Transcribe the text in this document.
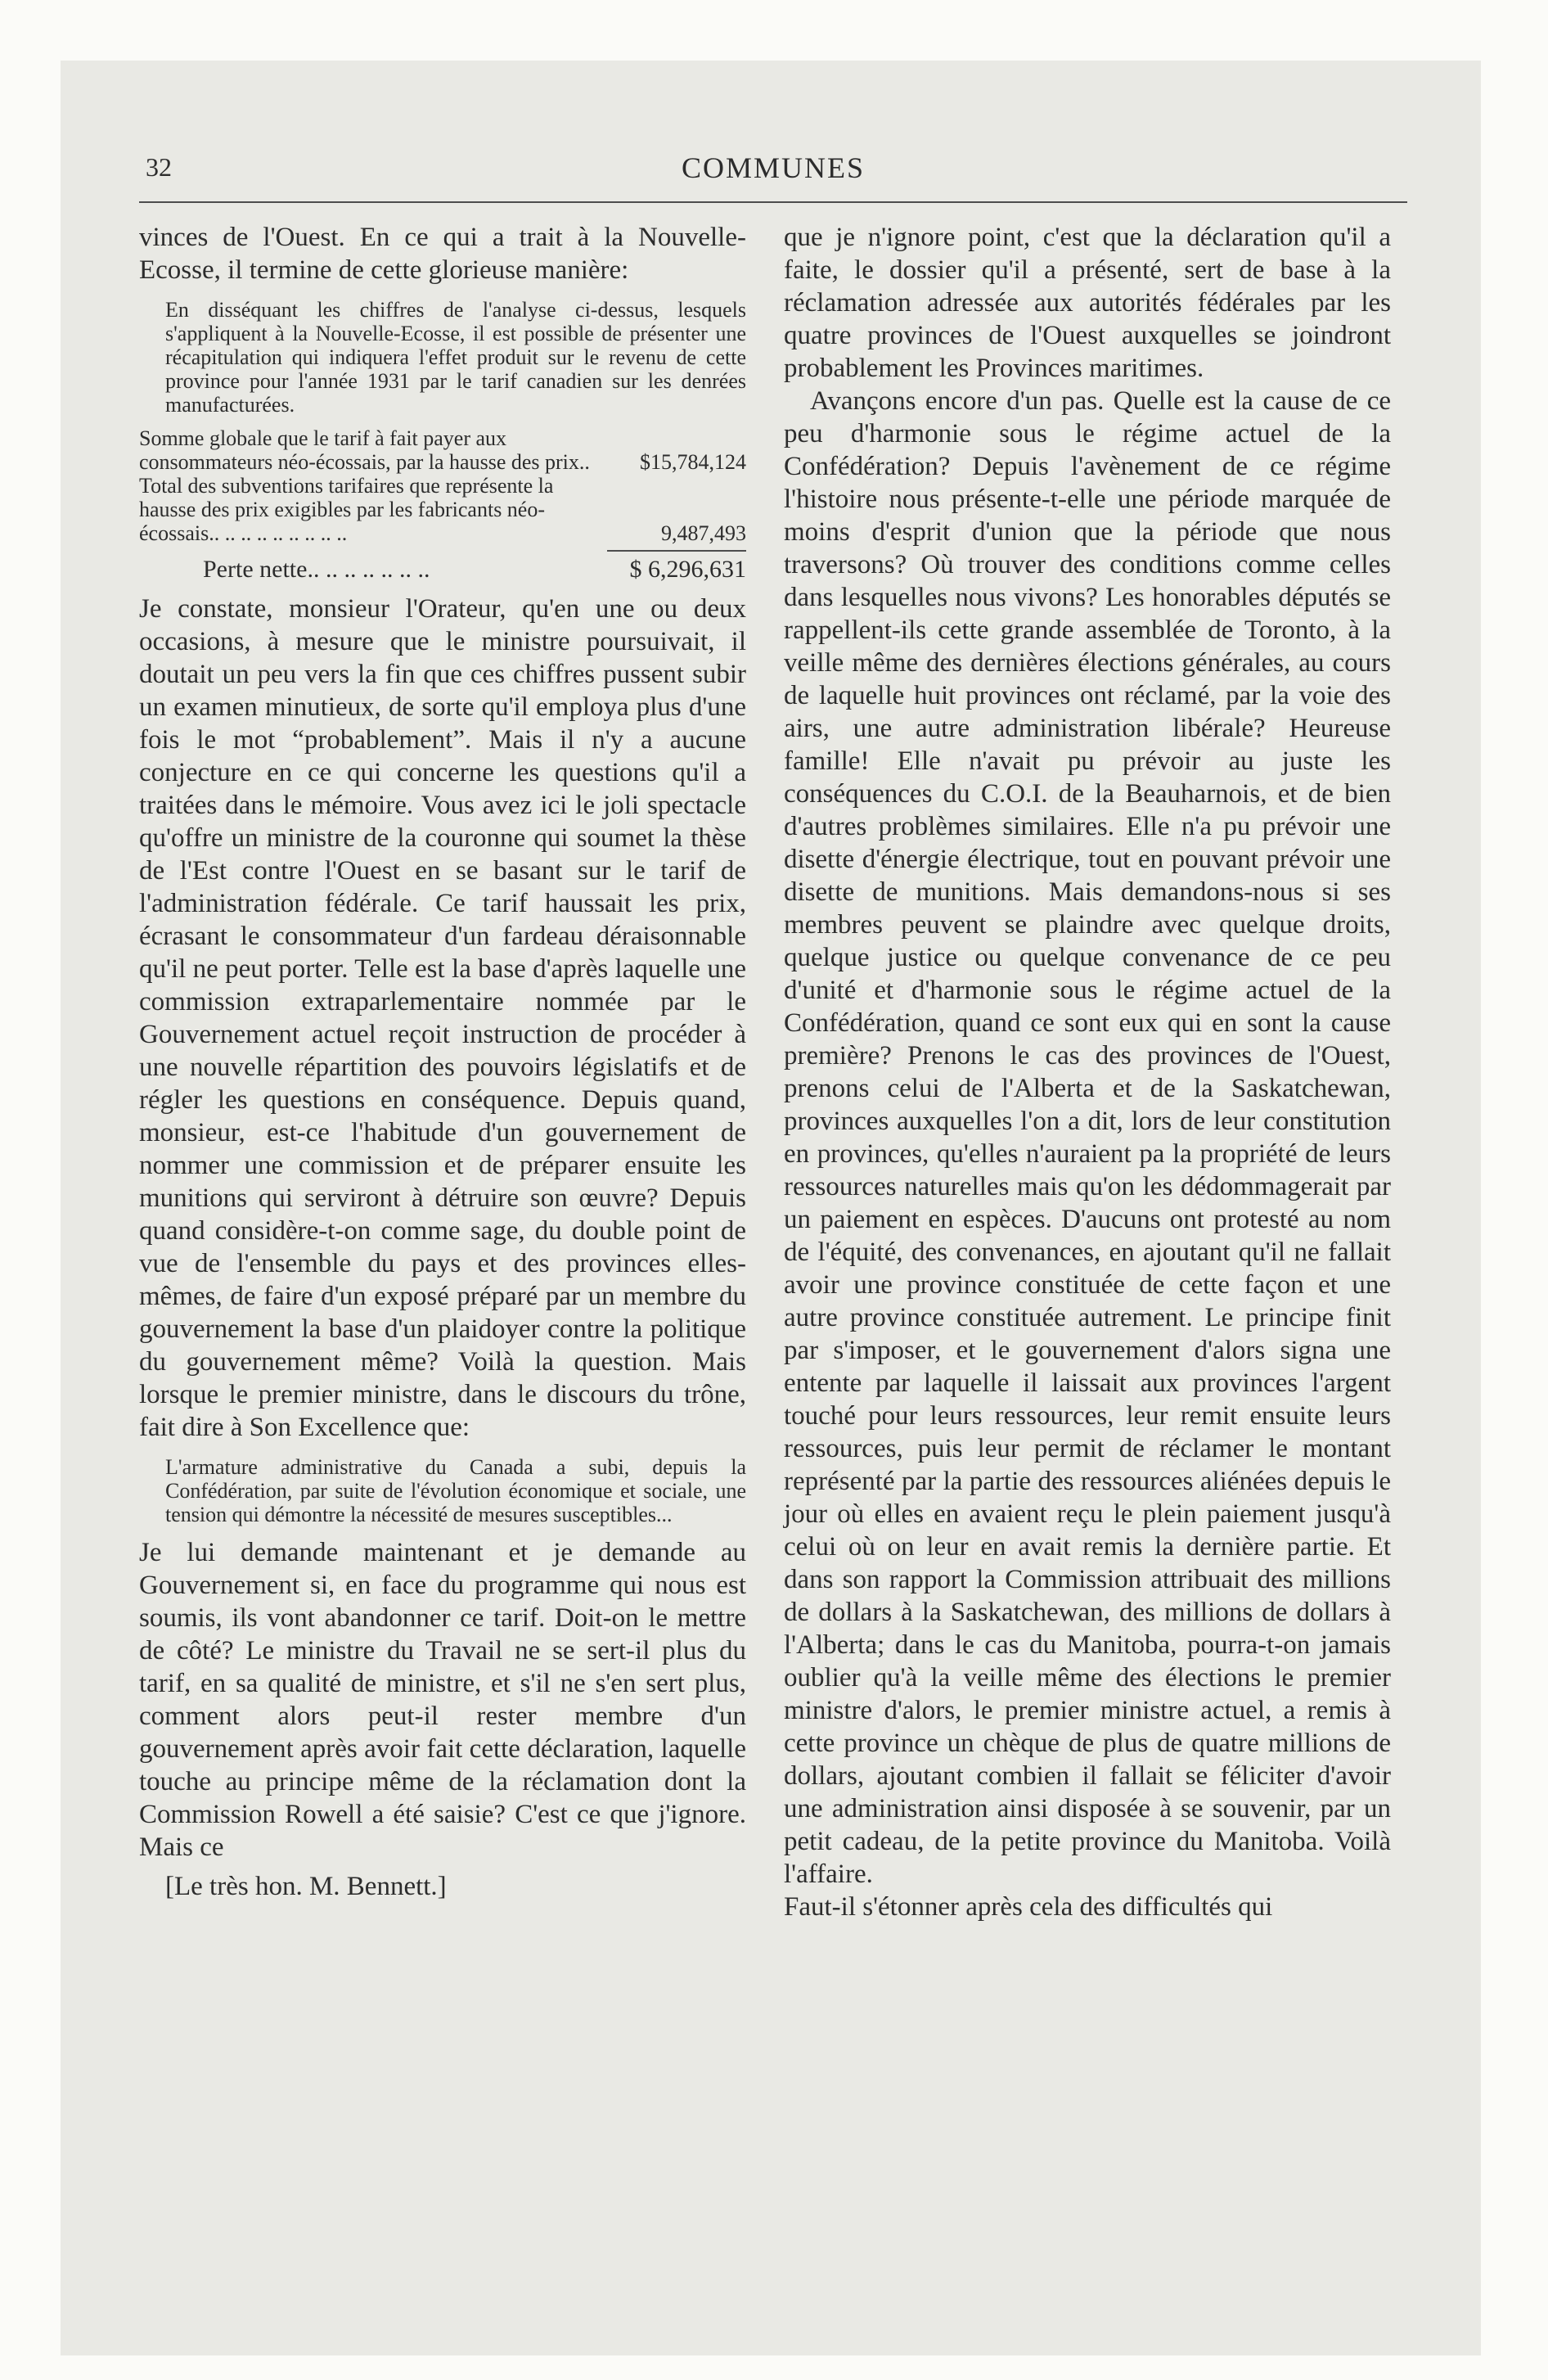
32	COMMUNES

vinces de l'Ouest. En ce qui a trait à la Nouvelle-Ecosse, il termine de cette glorieuse manière:

En disséquant les chiffres de l'analyse ci-dessus, lesquels s'appliquent à la Nouvelle-Ecosse, il est possible de présenter une récapitulation qui indiquera l'effet produit sur le revenu de cette province pour l'année 1931 par le tarif canadien sur les denrées manufacturées.

Somme globale que le tarif à fait payer aux consommateurs néo-écossais, par la hausse des prix..	$15,784,124
Total des subventions tarifaires que représente la hausse des prix exigibles par les fabricants néo-écossais.. .. .. .. .. .. .. .. ..	9,487,493
Perte nette.. .. .. .. .. .. ..	$ 6,296,631

Je constate, monsieur l'Orateur, qu'en une ou deux occasions, à mesure que le ministre poursuivait, il doutait un peu vers la fin que ces chiffres pussent subir un examen minutieux, de sorte qu'il employa plus d'une fois le mot “probablement”. Mais il n'y a aucune conjecture en ce qui concerne les questions qu'il a traitées dans le mémoire. Vous avez ici le joli spectacle qu'offre un ministre de la couronne qui soumet la thèse de l'Est contre l'Ouest en se basant sur le tarif de l'administration fédérale. Ce tarif haussait les prix, écrasant le consommateur d'un fardeau déraisonnable qu'il ne peut porter. Telle est la base d'après laquelle une commission extraparlementaire nommée par le Gouvernement actuel reçoit instruction de procéder à une nouvelle répartition des pouvoirs législatifs et de régler les questions en conséquence. Depuis quand, monsieur, est-ce l'habitude d'un gouvernement de nommer une commission et de préparer ensuite les munitions qui serviront à détruire son œuvre? Depuis quand considère-t-on comme sage, du double point de vue de l'ensemble du pays et des provinces elles-mêmes, de faire d'un exposé préparé par un membre du gouvernement la base d'un plaidoyer contre la politique du gouvernement même? Voilà la question. Mais lorsque le premier ministre, dans le discours du trône, fait dire à Son Excellence que:

L'armature administrative du Canada a subi, depuis la Confédération, par suite de l'évolution économique et sociale, une tension qui démontre la nécessité de mesures susceptibles...

Je lui demande maintenant et je demande au Gouvernement si, en face du programme qui nous est soumis, ils vont abandonner ce tarif. Doit-on le mettre de côté? Le ministre du Travail ne se sert-il plus du tarif, en sa qualité de ministre, et s'il ne s'en sert plus, comment alors peut-il rester membre d'un gouvernement après avoir fait cette déclaration, laquelle touche au principe même de la réclamation dont la Commission Rowell a été saisie? C'est ce que j'ignore. Mais ce

[Le très hon. M. Bennett.]

que je n'ignore point, c'est que la déclaration qu'il a faite, le dossier qu'il a présenté, sert de base à la réclamation adressée aux autorités fédérales par les quatre provinces de l'Ouest auxquelles se joindront probablement les Provinces maritimes.

Avançons encore d'un pas. Quelle est la cause de ce peu d'harmonie sous le régime actuel de la Confédération? Depuis l'avènement de ce régime l'histoire nous présente-t-elle une période marquée de moins d'esprit d'union que la période que nous traversons? Où trouver des conditions comme celles dans lesquelles nous vivons? Les honorables députés se rappellent-ils cette grande assemblée de Toronto, à la veille même des dernières élections générales, au cours de laquelle huit provinces ont réclamé, par la voie des airs, une autre administration libérale? Heureuse famille! Elle n'avait pu prévoir au juste les conséquences du C.O.I. de la Beauharnois, et de bien d'autres problèmes similaires. Elle n'a pu prévoir une disette d'énergie électrique, tout en pouvant prévoir une disette de munitions. Mais demandons-nous si ses membres peuvent se plaindre avec quelque droits, quelque justice ou quelque convenance de ce peu d'unité et d'harmonie sous le régime actuel de la Confédération, quand ce sont eux qui en sont la cause première? Prenons le cas des provinces de l'Ouest, prenons celui de l'Alberta et de la Saskatchewan, provinces auxquelles l'on a dit, lors de leur constitution en provinces, qu'elles n'auraient pa la propriété de leurs ressources naturelles mais qu'on les dédommagerait par un paiement en espèces. D'aucuns ont protesté au nom de l'équité, des convenances, en ajoutant qu'il ne fallait avoir une province constituée de cette façon et une autre province constituée autrement. Le principe finit par s'imposer, et le gouvernement d'alors signa une entente par laquelle il laissait aux provinces l'argent touché pour leurs ressources, leur remit ensuite leurs ressources, puis leur permit de réclamer le montant représenté par la partie des ressources aliénées depuis le jour où elles en avaient reçu le plein paiement jusqu'à celui où on leur en avait remis la dernière partie. Et dans son rapport la Commission attribuait des millions de dollars à la Saskatchewan, des millions de dollars à l'Alberta; dans le cas du Manitoba, pourra-t-on jamais oublier qu'à la veille même des élections le premier ministre d'alors, le premier ministre actuel, a remis à cette province un chèque de plus de quatre millions de dollars, ajoutant combien il fallait se féliciter d'avoir une administration ainsi disposée à se souvenir, par un petit cadeau, de la petite province du Manitoba. Voilà l'affaire.

Faut-il s'étonner après cela des difficultés qui
